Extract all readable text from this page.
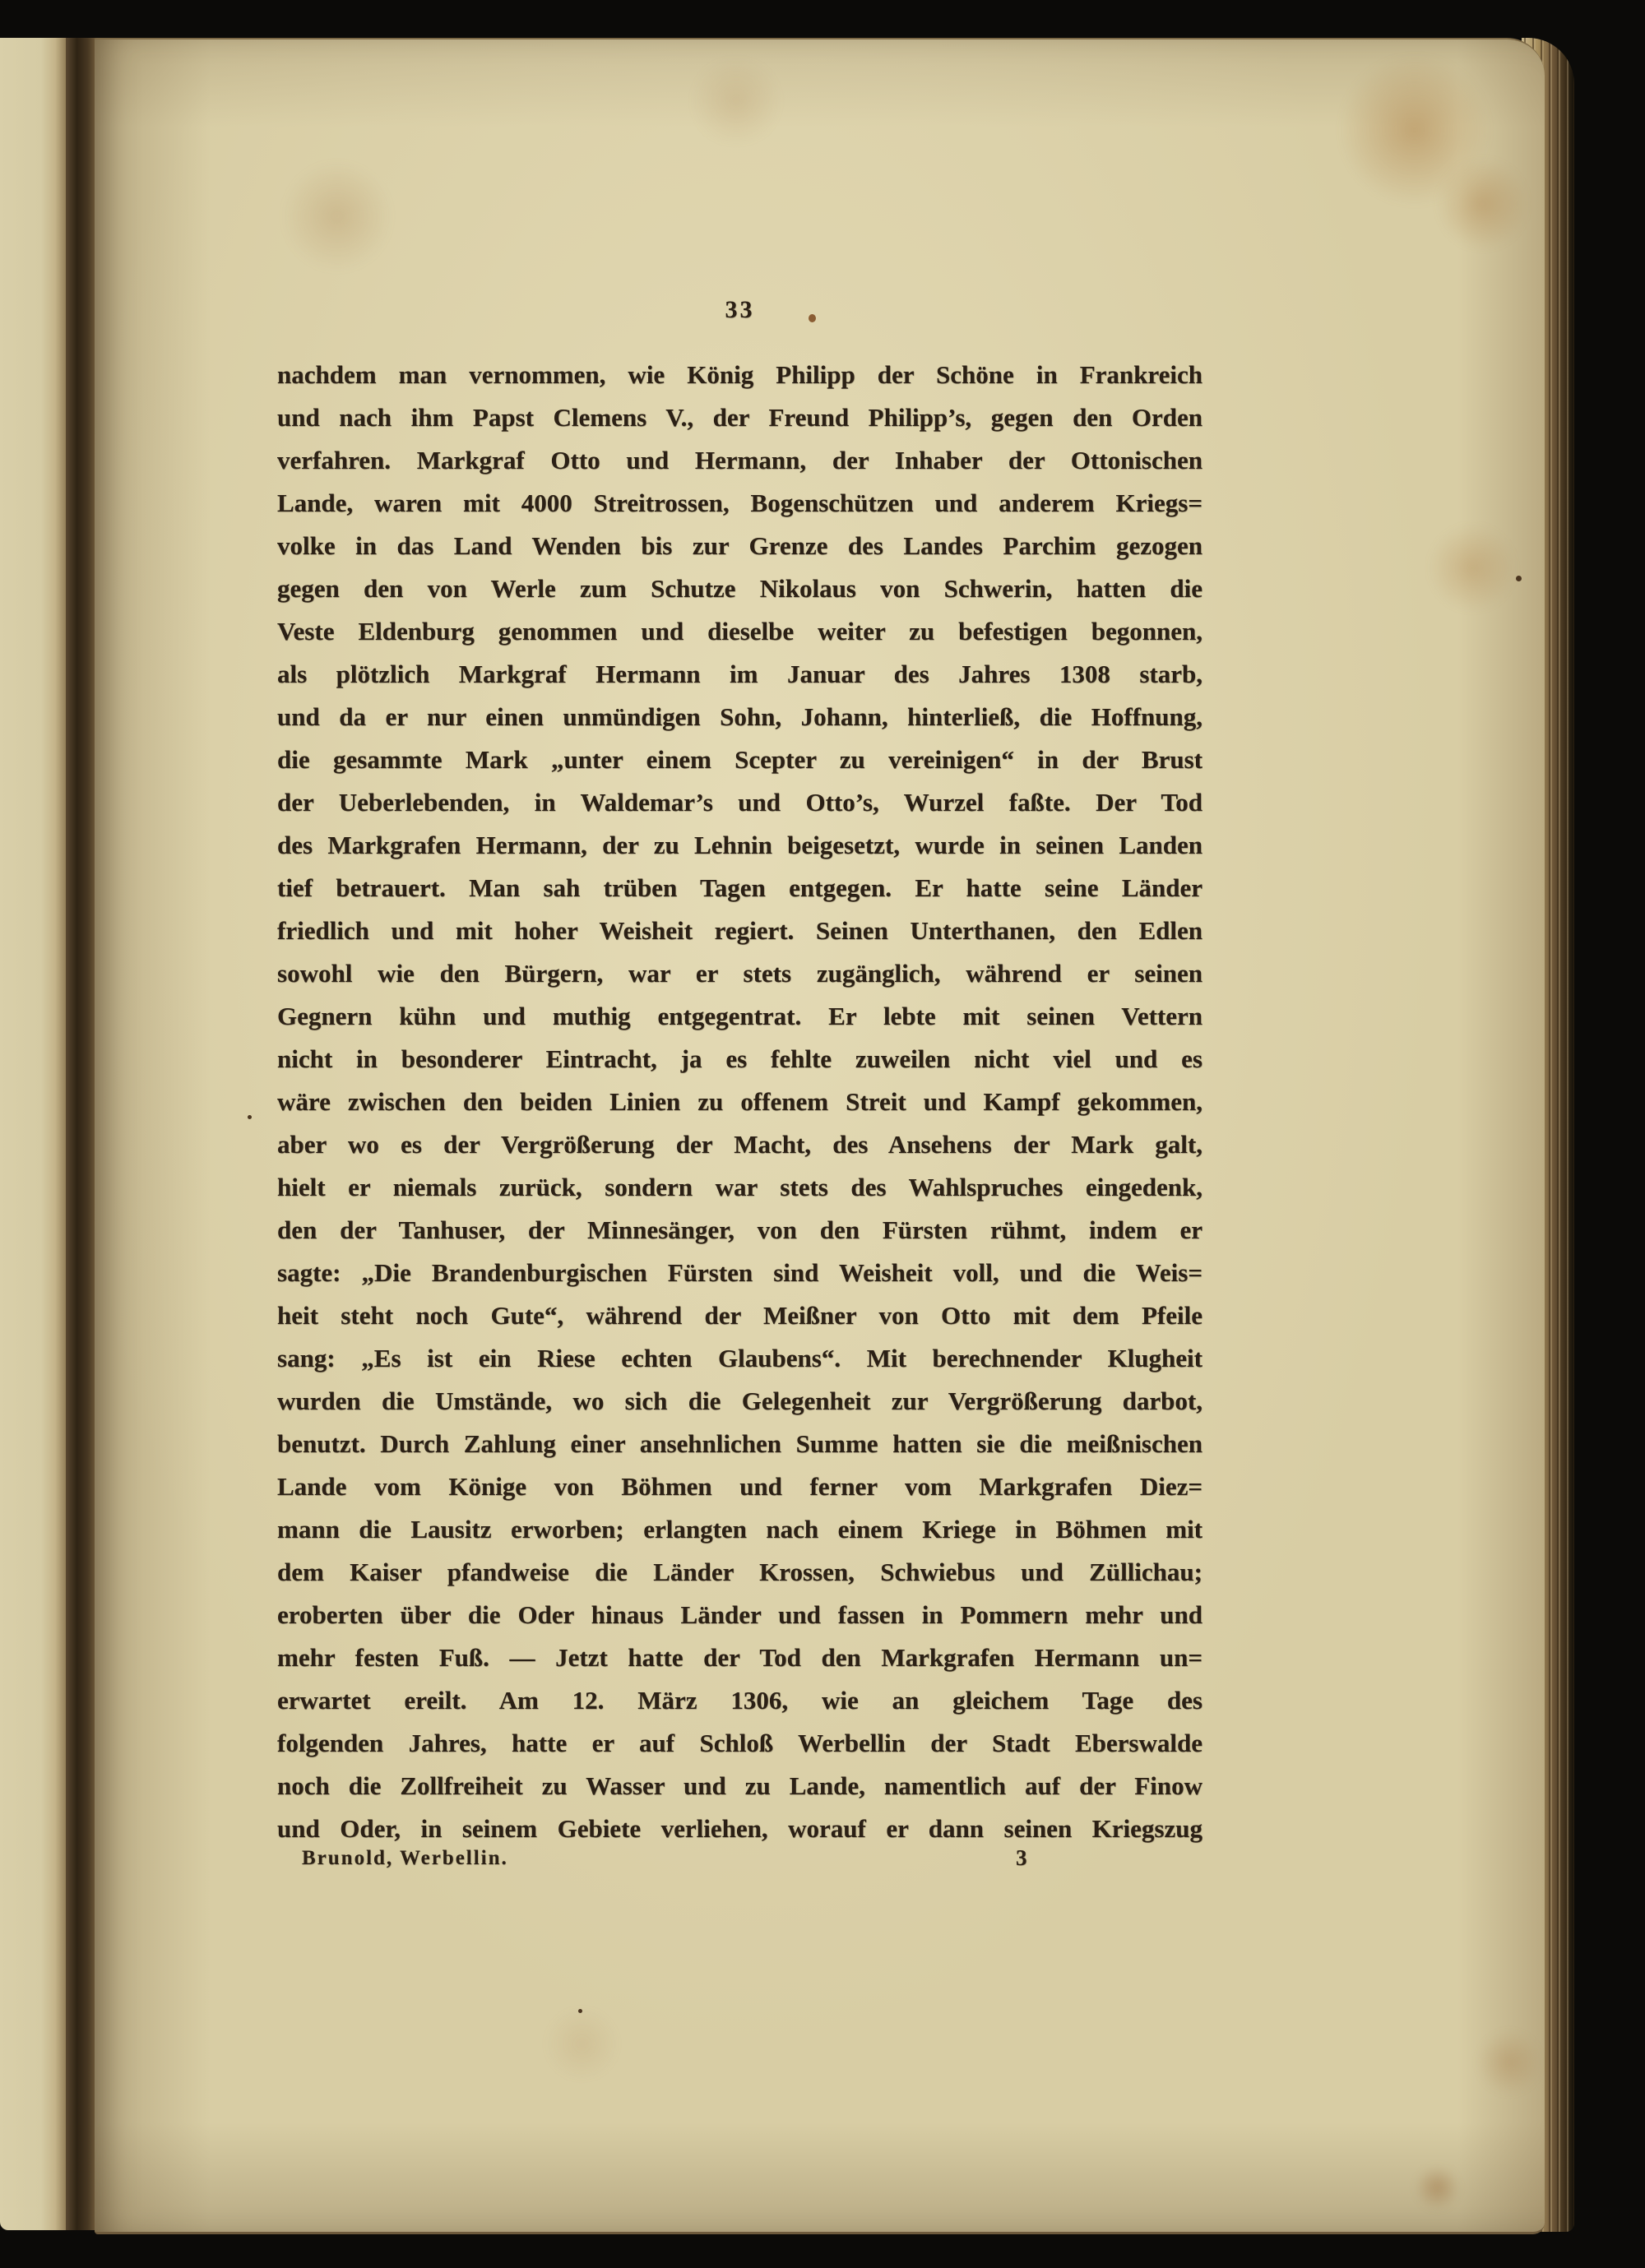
33
nachdem man vernommen, wie König Philipp der Schöne in Frankreich
und nach ihm Papst Clemens V., der Freund Philipp’s, gegen den Orden
verfahren. Markgraf Otto und Hermann, der Inhaber der Ottonischen
Lande, waren mit 4000 Streitrossen, Bogenschützen und anderem Kriegs=
volke in das Land Wenden bis zur Grenze des Landes Parchim gezogen
gegen den von Werle zum Schutze Nikolaus von Schwerin, hatten die
Veste Eldenburg genommen und dieselbe weiter zu befestigen begonnen,
als plötzlich Markgraf Hermann im Januar des Jahres 1308 starb,
und da er nur einen unmündigen Sohn, Johann, hinterließ, die Hoffnung,
die gesammte Mark „unter einem Scepter zu vereinigen“ in der Brust
der Ueberlebenden, in Waldemar’s und Otto’s, Wurzel faßte. Der Tod
des Markgrafen Hermann, der zu Lehnin beigesetzt, wurde in seinen Landen
tief betrauert. Man sah trüben Tagen entgegen. Er hatte seine Länder
friedlich und mit hoher Weisheit regiert. Seinen Unterthanen, den Edlen
sowohl wie den Bürgern, war er stets zugänglich, während er seinen
Gegnern kühn und muthig entgegentrat. Er lebte mit seinen Vettern
nicht in besonderer Eintracht, ja es fehlte zuweilen nicht viel und es
wäre zwischen den beiden Linien zu offenem Streit und Kampf gekommen,
aber wo es der Vergrößerung der Macht, des Ansehens der Mark galt,
hielt er niemals zurück, sondern war stets des Wahlspruches eingedenk,
den der Tanhuser, der Minnesänger, von den Fürsten rühmt, indem er
sagte: „Die Brandenburgischen Fürsten sind Weisheit voll, und die Weis=
heit steht noch Gute“, während der Meißner von Otto mit dem Pfeile
sang: „Es ist ein Riese echten Glaubens“. Mit berechnender Klugheit
wurden die Umstände, wo sich die Gelegenheit zur Vergrößerung darbot,
benutzt. Durch Zahlung einer ansehnlichen Summe hatten sie die meißnischen
Lande vom Könige von Böhmen und ferner vom Markgrafen Diez=
mann die Lausitz erworben; erlangten nach einem Kriege in Böhmen mit
dem Kaiser pfandweise die Länder Krossen, Schwiebus und Züllichau;
eroberten über die Oder hinaus Länder und fassen in Pommern mehr und
mehr festen Fuß. — Jetzt hatte der Tod den Markgrafen Hermann un=
erwartet ereilt. Am 12. März 1306, wie an gleichem Tage des
folgenden Jahres, hatte er auf Schloß Werbellin der Stadt Eberswalde
noch die Zollfreiheit zu Wasser und zu Lande, namentlich auf der Finow
und Oder, in seinem Gebiete verliehen, worauf er dann seinen Kriegszug
Brunold, Werbellin.	3
